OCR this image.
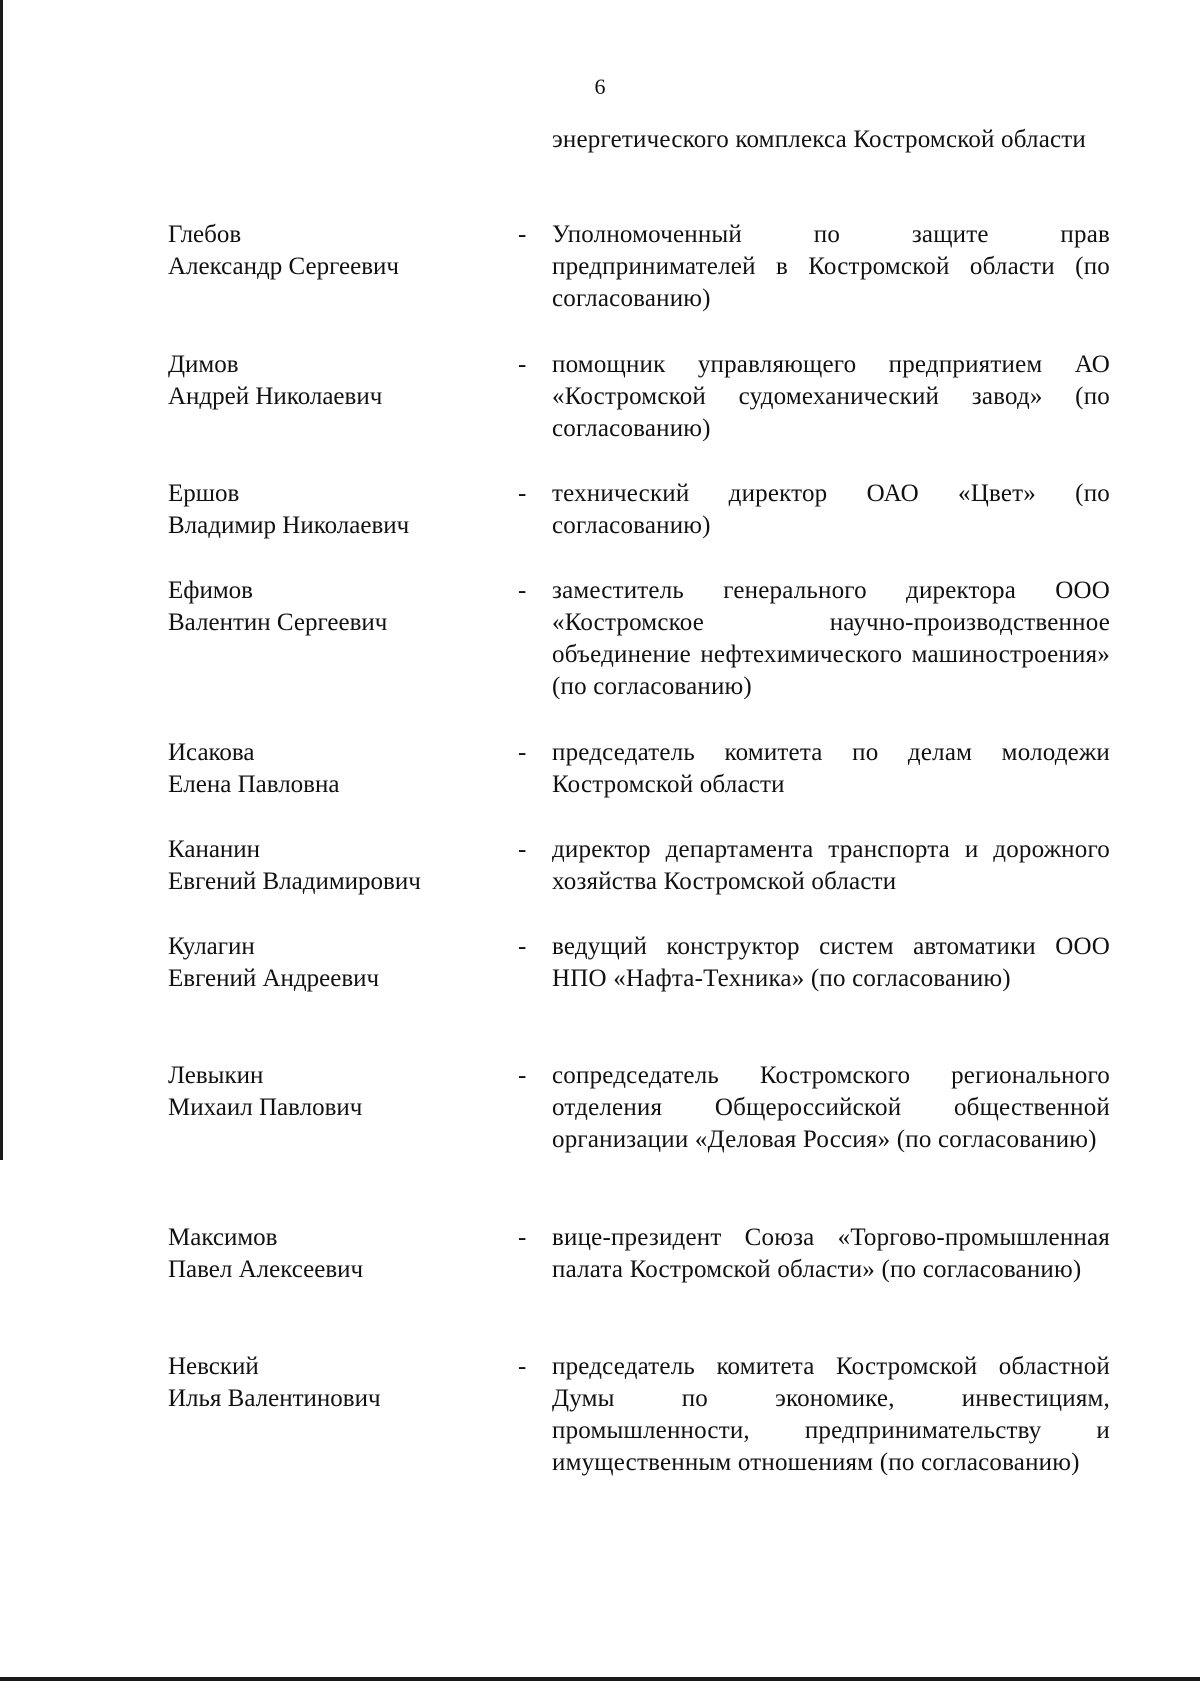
6
энергетического комплекса Костромской области
Глебов
Александр Сергеевич
- Уполномоченный по защите прав предпринимателей в Костромской области (по согласованию)
Димов
Андрей Николаевич
- помощник управляющего предприятием АО «Костромской судомеханический завод» (по согласованию)
Ершов
Владимир Николаевич
- технический директор ОАО «Цвет» (по согласованию)
Ефимов
Валентин Сергеевич
- заместитель генерального директора ООО «Костромское научно-производственное объединение нефтехимического машиностроения» (по согласованию)
Исакова
Елена Павловна
- председатель комитета по делам молодежи Костромской области
Кананин
Евгений Владимирович
- директор департамента транспорта и дорожного хозяйства Костромской области
Кулагин
Евгений Андреевич
- ведущий конструктор систем автоматики ООО НПО «Нафта-Техника» (по согласованию)
Левыкин
Михаил Павлович
- сопредседатель Костромского регионального отделения Общероссийской общественной организации «Деловая Россия» (по согласованию)
Максимов
Павел Алексеевич
- вице-президент Союза «Торгово-промышленная палата Костромской области» (по согласованию)
Невский
Илья Валентинович
- председатель комитета Костромской областной Думы по экономике, инвестициям, промышленности, предпринимательству и имущественным отношениям (по согласованию)
